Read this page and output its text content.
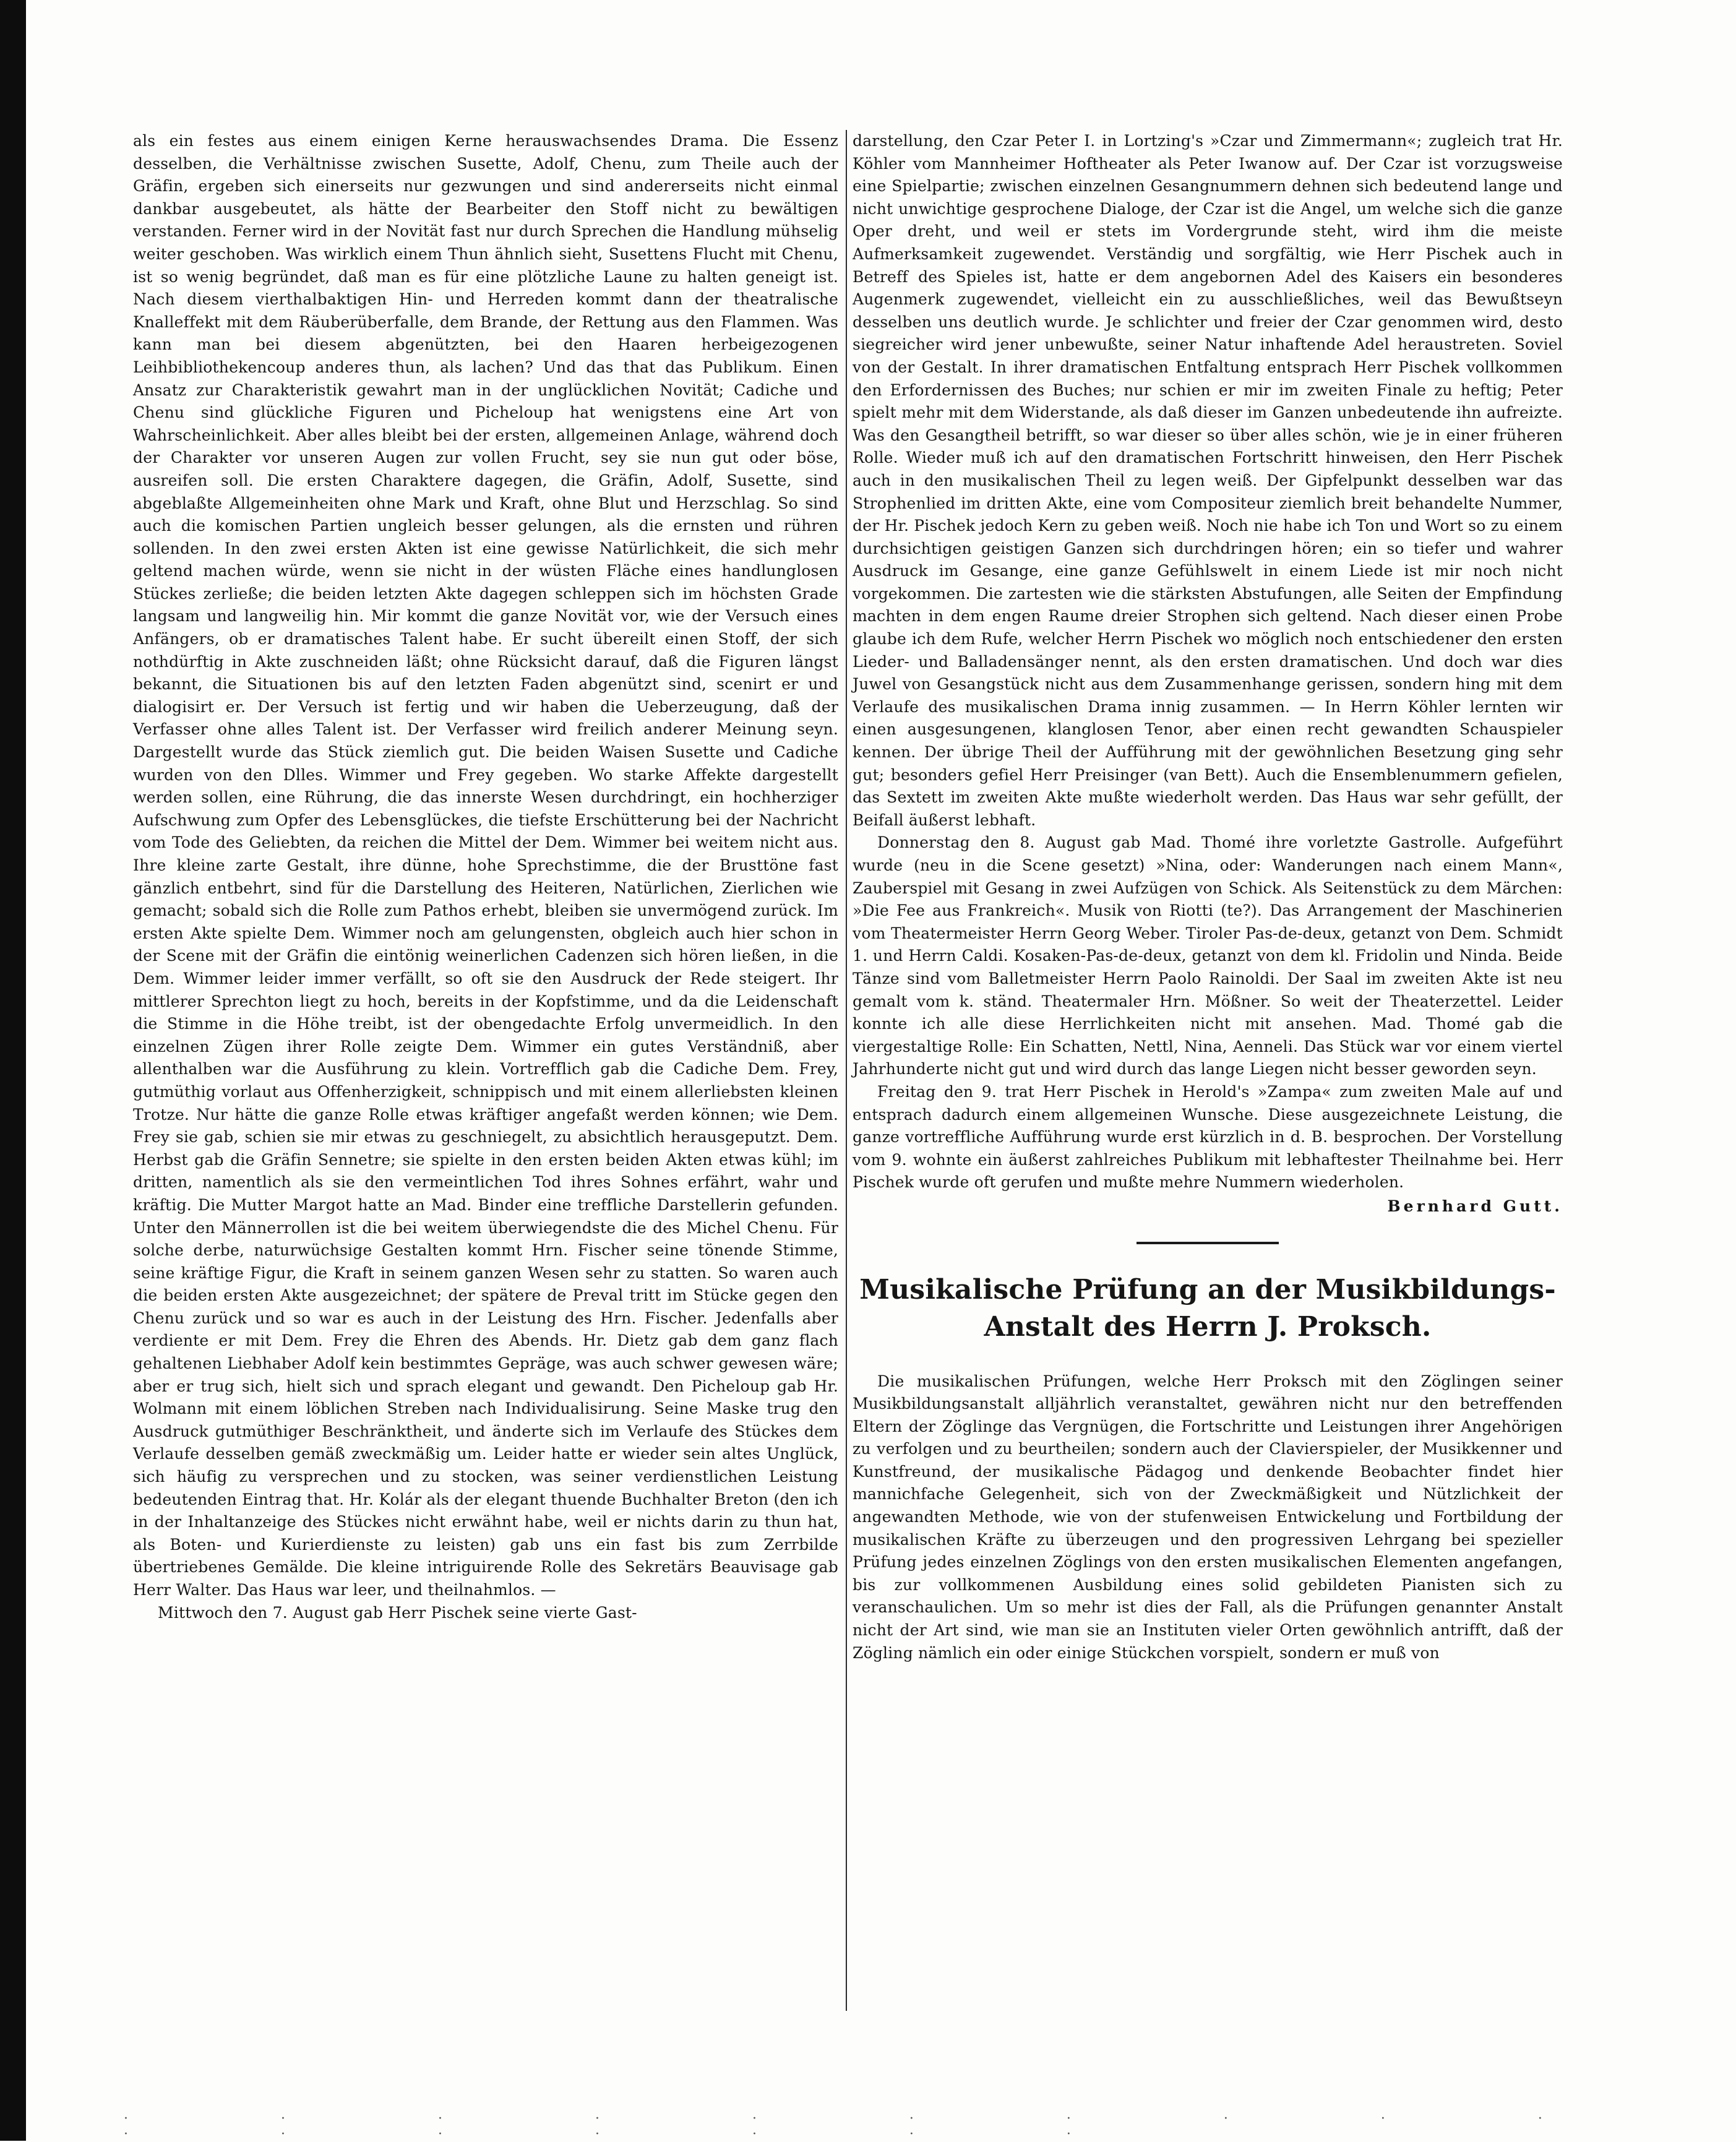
als ein festes aus einem einigen Kerne herauswachsendes Drama. Die Essenz desselben, die Verhältnisse zwischen Susette, Adolf, Chenu, zum Theile auch der Gräfin, ergeben sich einerseits nur gezwungen und sind andererseits nicht einmal dankbar ausgebeutet, als hätte der Bearbeiter den Stoff nicht zu bewältigen verstanden. Ferner wird in der Novität fast nur durch Sprechen die Handlung mühselig weiter geschoben. Was wirklich einem Thun ähnlich sieht, Susettens Flucht mit Chenu, ist so wenig begründet, daß man es für eine plötzliche Laune zu halten geneigt ist. Nach diesem vierthalbaktigen Hin- und Herreden kommt dann der theatralische Knalleffekt mit dem Räuberüberfalle, dem Brande, der Rettung aus den Flammen. Was kann man bei diesem abgenützten, bei den Haaren herbeigezogenen Leihbibliothekencoup anderes thun, als lachen? Und das that das Publikum. Einen Ansatz zur Charakteristik gewahrt man in der unglücklichen Novität; Cadiche und Chenu sind glückliche Figuren und Picheloup hat wenigstens eine Art von Wahrscheinlichkeit. Aber alles bleibt bei der ersten, allgemeinen Anlage, während doch der Charakter vor unseren Augen zur vollen Frucht, sey sie nun gut oder böse, ausreifen soll. Die ersten Charaktere dagegen, die Gräfin, Adolf, Susette, sind abgeblaßte Allgemeinheiten ohne Mark und Kraft, ohne Blut und Herzschlag. So sind auch die komischen Partien ungleich besser gelungen, als die ernsten und rühren sollenden. In den zwei ersten Akten ist eine gewisse Natürlichkeit, die sich mehr geltend machen würde, wenn sie nicht in der wüsten Fläche eines handlunglosen Stückes zerließe; die beiden letzten Akte dagegen schleppen sich im höchsten Grade langsam und langweilig hin. Mir kommt die ganze Novität vor, wie der Versuch eines Anfängers, ob er dramatisches Talent habe. Er sucht übereilt einen Stoff, der sich nothdürftig in Akte zuschneiden läßt; ohne Rücksicht darauf, daß die Figuren längst bekannt, die Situationen bis auf den letzten Faden abgenützt sind, scenirt er und dialogisirt er. Der Versuch ist fertig und wir haben die Ueberzeugung, daß der Verfasser ohne alles Talent ist. Der Verfasser wird freilich anderer Meinung seyn. Dargestellt wurde das Stück ziemlich gut. Die beiden Waisen Susette und Cadiche wurden von den Dlles. Wimmer und Frey gegeben. Wo starke Affekte dargestellt werden sollen, eine Rührung, die das innerste Wesen durchdringt, ein hochherziger Aufschwung zum Opfer des Lebensglückes, die tiefste Erschütterung bei der Nachricht vom Tode des Geliebten, da reichen die Mittel der Dem. Wimmer bei weitem nicht aus. Ihre kleine zarte Gestalt, ihre dünne, hohe Sprechstimme, die der Brusttöne fast gänzlich entbehrt, sind für die Darstellung des Heiteren, Natürlichen, Zierlichen wie gemacht; sobald sich die Rolle zum Pathos erhebt, bleiben sie unvermögend zurück. Im ersten Akte spielte Dem. Wimmer noch am gelungensten, obgleich auch hier schon in der Scene mit der Gräfin die eintönig weinerlichen Cadenzen sich hören ließen, in die Dem. Wimmer leider immer verfällt, so oft sie den Ausdruck der Rede steigert. Ihr mittlerer Sprechton liegt zu hoch, bereits in der Kopfstimme, und da die Leidenschaft die Stimme in die Höhe treibt, ist der obengedachte Erfolg unvermeidlich. In den einzelnen Zügen ihrer Rolle zeigte Dem. Wimmer ein gutes Verständniß, aber allenthalben war die Ausführung zu klein. Vortrefflich gab die Cadiche Dem. Frey, gutmüthig vorlaut aus Offenherzigkeit, schnippisch und mit einem allerliebsten kleinen Trotze. Nur hätte die ganze Rolle etwas kräftiger angefaßt werden können; wie Dem. Frey sie gab, schien sie mir etwas zu geschniegelt, zu absichtlich herausgeputzt. Dem. Herbst gab die Gräfin Sennetre; sie spielte in den ersten beiden Akten etwas kühl; im dritten, namentlich als sie den vermeintlichen Tod ihres Sohnes erfährt, wahr und kräftig. Die Mutter Margot hatte an Mad. Binder eine treffliche Darstellerin gefunden. Unter den Männerrollen ist die bei weitem überwiegendste die des Michel Chenu. Für solche derbe, naturwüchsige Gestalten kommt Hrn. Fischer seine tönende Stimme, seine kräftige Figur, die Kraft in seinem ganzen Wesen sehr zu statten. So waren auch die beiden ersten Akte ausgezeichnet; der spätere de Preval tritt im Stücke gegen den Chenu zurück und so war es auch in der Leistung des Hrn. Fischer. Jedenfalls aber verdiente er mit Dem. Frey die Ehren des Abends. Hr. Dietz gab dem ganz flach gehaltenen Liebhaber Adolf kein bestimmtes Gepräge, was auch schwer gewesen wäre; aber er trug sich, hielt sich und sprach elegant und gewandt. Den Picheloup gab Hr. Wolmann mit einem löblichen Streben nach Individualisirung. Seine Maske trug den Ausdruck gutmüthiger Beschränktheit, und änderte sich im Verlaufe des Stückes dem Verlaufe desselben gemäß zweckmäßig um. Leider hatte er wieder sein altes Unglück, sich häufig zu versprechen und zu stocken, was seiner verdienstlichen Leistung bedeutenden Eintrag that. Hr. Kolár als der elegant thuende Buchhalter Breton (den ich in der Inhaltanzeige des Stückes nicht erwähnt habe, weil er nichts darin zu thun hat, als Boten- und Kurierdienste zu leisten) gab uns ein fast bis zum Zerrbilde übertriebenes Gemälde. Die kleine intriguirende Rolle des Sekretärs Beauvisage gab Herr Walter. Das Haus war leer, und theilnahmlos. —

Mittwoch den 7. August gab Herr Pischek seine vierte Gast-

darstellung, den Czar Peter I. in Lortzing's »Czar und Zimmermann«; zugleich trat Hr. Köhler vom Mannheimer Hoftheater als Peter Iwanow auf. Der Czar ist vorzugsweise eine Spielpartie; zwischen einzelnen Gesangnummern dehnen sich bedeutend lange und nicht unwichtige gesprochene Dialoge, der Czar ist die Angel, um welche sich die ganze Oper dreht, und weil er stets im Vordergrunde steht, wird ihm die meiste Aufmerksamkeit zugewendet. Verständig und sorgfältig, wie Herr Pischek auch in Betreff des Spieles ist, hatte er dem angebornen Adel des Kaisers ein besonderes Augenmerk zugewendet, vielleicht ein zu ausschließliches, weil das Bewußtseyn desselben uns deutlich wurde. Je schlichter und freier der Czar genommen wird, desto siegreicher wird jener unbewußte, seiner Natur inhaftende Adel heraustreten. Soviel von der Gestalt. In ihrer dramatischen Entfaltung entsprach Herr Pischek vollkommen den Erfordernissen des Buches; nur schien er mir im zweiten Finale zu heftig; Peter spielt mehr mit dem Widerstande, als daß dieser im Ganzen unbedeutende ihn aufreizte. Was den Gesangtheil betrifft, so war dieser so über alles schön, wie je in einer früheren Rolle. Wieder muß ich auf den dramatischen Fortschritt hinweisen, den Herr Pischek auch in den musikalischen Theil zu legen weiß. Der Gipfelpunkt desselben war das Strophenlied im dritten Akte, eine vom Compositeur ziemlich breit behandelte Nummer, der Hr. Pischek jedoch Kern zu geben weiß. Noch nie habe ich Ton und Wort so zu einem durchsichtigen geistigen Ganzen sich durchdringen hören; ein so tiefer und wahrer Ausdruck im Gesange, eine ganze Gefühlswelt in einem Liede ist mir noch nicht vorgekommen. Die zartesten wie die stärksten Abstufungen, alle Seiten der Empfindung machten in dem engen Raume dreier Strophen sich geltend. Nach dieser einen Probe glaube ich dem Rufe, welcher Herrn Pischek wo möglich noch entschiedener den ersten Lieder- und Balladensänger nennt, als den ersten dramatischen. Und doch war dies Juwel von Gesangstück nicht aus dem Zusammenhange gerissen, sondern hing mit dem Verlaufe des musikalischen Drama innig zusammen. — In Herrn Köhler lernten wir einen ausgesungenen, klanglosen Tenor, aber einen recht gewandten Schauspieler kennen. Der übrige Theil der Aufführung mit der gewöhnlichen Besetzung ging sehr gut; besonders gefiel Herr Preisinger (van Bett). Auch die Ensemblenummern gefielen, das Sextett im zweiten Akte mußte wiederholt werden. Das Haus war sehr gefüllt, der Beifall äußerst lebhaft.

Donnerstag den 8. August gab Mad. Thomé ihre vorletzte Gastrolle. Aufgeführt wurde (neu in die Scene gesetzt) »Nina, oder: Wanderungen nach einem Mann«, Zauberspiel mit Gesang in zwei Aufzügen von Schick. Als Seitenstück zu dem Märchen: »Die Fee aus Frankreich«. Musik von Riotti (te?). Das Arrangement der Maschinerien vom Theatermeister Herrn Georg Weber. Tiroler Pas-de-deux, getanzt von Dem. Schmidt 1. und Herrn Caldi. Kosaken-Pas-de-deux, getanzt von dem kl. Fridolin und Ninda. Beide Tänze sind vom Balletmeister Herrn Paolo Rainoldi. Der Saal im zweiten Akte ist neu gemalt vom k. ständ. Theatermaler Hrn. Mößner. So weit der Theaterzettel. Leider konnte ich alle diese Herrlichkeiten nicht mit ansehen. Mad. Thomé gab die viergestaltige Rolle: Ein Schatten, Nettl, Nina, Aenneli. Das Stück war vor einem viertel Jahrhunderte nicht gut und wird durch das lange Liegen nicht besser geworden seyn.

Freitag den 9. trat Herr Pischek in Herold's »Zampa« zum zweiten Male auf und entsprach dadurch einem allgemeinen Wunsche. Diese ausgezeichnete Leistung, die ganze vortreffliche Aufführung wurde erst kürzlich in d. B. besprochen. Der Vorstellung vom 9. wohnte ein äußerst zahlreiches Publikum mit lebhaftester Theilnahme bei. Herr Pischek wurde oft gerufen und mußte mehre Nummern wiederholen.

Bernhard Gutt.
Musikalische Prüfung an der Musikbildungs-
Anstalt des Herrn J. Proksch.

Die musikalischen Prüfungen, welche Herr Proksch mit den Zöglingen seiner Musikbildungsanstalt alljährlich veranstaltet, gewähren nicht nur den betreffenden Eltern der Zöglinge das Vergnügen, die Fortschritte und Leistungen ihrer Angehörigen zu verfolgen und zu beurtheilen; sondern auch der Clavierspieler, der Musikkenner und Kunstfreund, der musikalische Pädagog und denkende Beobachter findet hier mannichfache Gelegenheit, sich von der Zweckmäßigkeit und Nützlichkeit der angewandten Methode, wie von der stufenweisen Entwickelung und Fortbildung der musikalischen Kräfte zu überzeugen und den progressiven Lehrgang bei spezieller Prüfung jedes einzelnen Zöglings von den ersten musikalischen Elementen angefangen, bis zur vollkommenen Ausbildung eines solid gebildeten Pianisten sich zu veranschaulichen. Um so mehr ist dies der Fall, als die Prüfungen genannter Anstalt nicht der Art sind, wie man sie an Instituten vieler Orten gewöhnlich antrifft, daß der Zögling nämlich ein oder einige Stückchen vorspielt, sondern er muß von

· · · · · · · · · · · · · · · · ·
